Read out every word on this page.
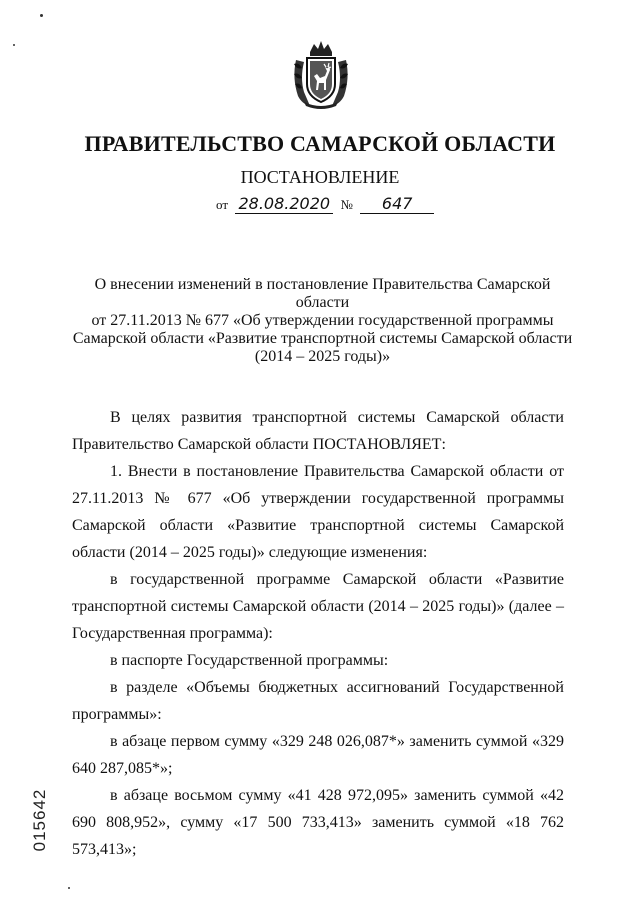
ПРАВИТЕЛЬСТВО САМАРСКОЙ ОБЛАСТИ
ПОСТАНОВЛЕНИЕ
от 28.08.2020 № 647
О внесении изменений в постановление Правительства Самарской области
от 27.11.2013 № 677 «Об утверждении государственной программы
Самарской области «Развитие транспортной системы Самарской области
(2014 – 2025 годы)»

В целях развития транспортной системы Самарской области Правительство Самарской области ПОСТАНОВЛЯЕТ:

1. Внести в постановление Правительства Самарской области от 27.11.2013 № 677 «Об утверждении государственной программы Самарской области «Развитие транспортной системы Самарской области (2014 – 2025 годы)» следующие изменения:

в государственной программе Самарской области «Развитие транспортной системы Самарской области (2014 – 2025 годы)» (далее – Государственная программа):

в паспорте Государственной программы:

в разделе «Объемы бюджетных ассигнований Государственной программы»:

в абзаце первом сумму «329 248 026,087*» заменить суммой «329 640 287,085*»;

в абзаце восьмом сумму «41 428 972,095» заменить суммой «42 690 808,952», сумму «17 500 733,413» заменить суммой «18 762 573,413»;

015642
